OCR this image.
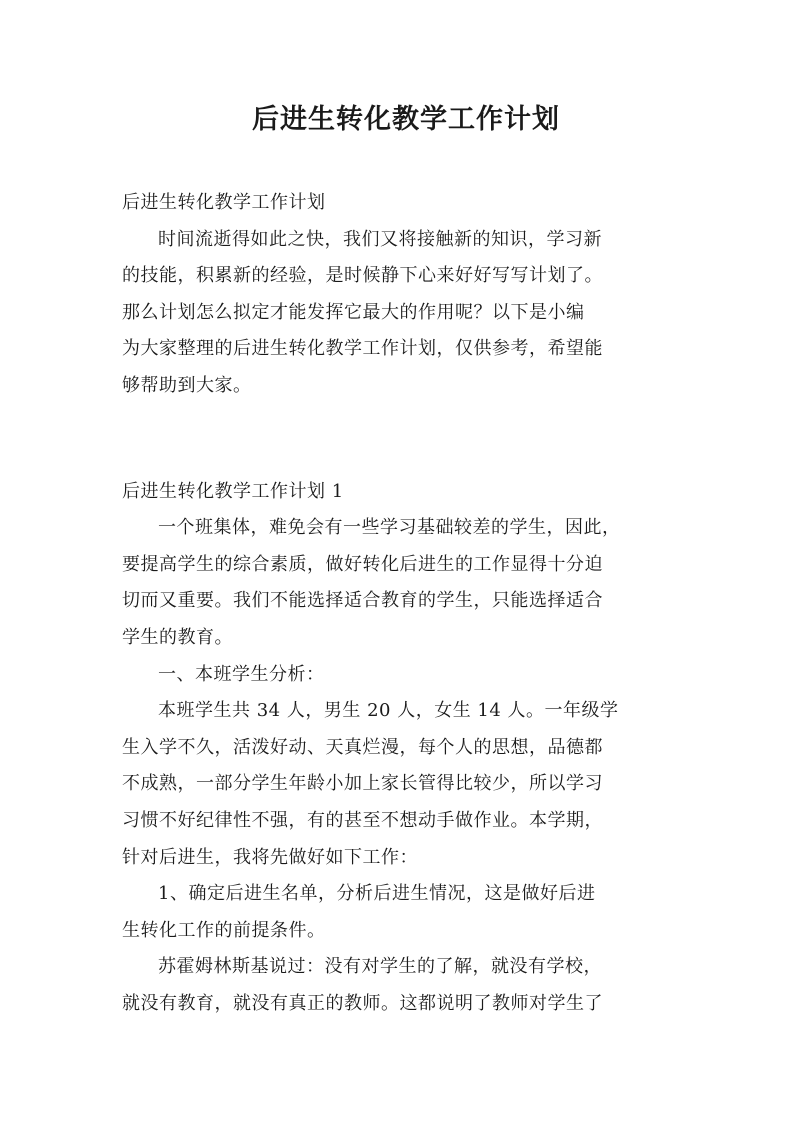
后进生转化教学工作计划

后进生转化教学工作计划

时间流逝得如此之快，我们又将接触新的知识，学习新

的技能，积累新的经验，是时候静下心来好好写写计划了。

那么计划怎么拟定才能发挥它最大的作用呢？以下是小编

为大家整理的后进生转化教学工作计划，仅供参考，希望能

够帮助到大家。

后进生转化教学工作计划 1

一个班集体，难免会有一些学习基础较差的学生，因此，

要提高学生的综合素质，做好转化后进生的工作显得十分迫

切而又重要。我们不能选择适合教育的学生，只能选择适合

学生的教育。

一、本班学生分析：

本班学生共 34 人，男生 20 人，女生 14 人。一年级学

生入学不久，活泼好动、天真烂漫，每个人的思想，品德都

不成熟，一部分学生年龄小加上家长管得比较少，所以学习

习惯不好纪律性不强，有的甚至不想动手做作业。本学期，

针对后进生，我将先做好如下工作：

1、确定后进生名单，分析后进生情况，这是做好后进

生转化工作的前提条件。

苏霍姆林斯基说过：没有对学生的了解，就没有学校，

就没有教育，就没有真正的教师。这都说明了教师对学生了
